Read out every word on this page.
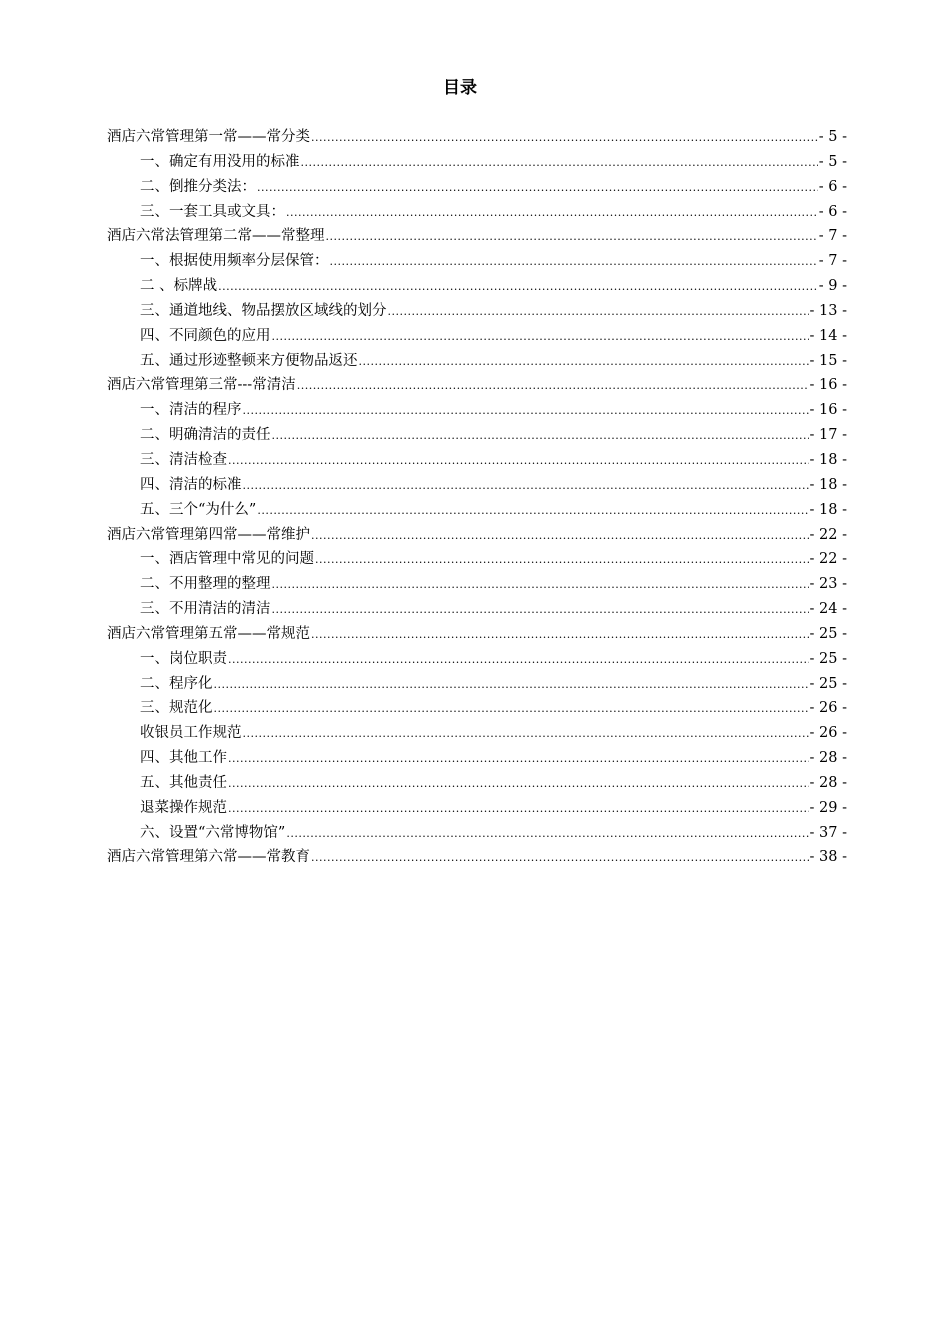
目录
酒店六常管理第一常——常分类 .....	- 5 -
一、确定有用没用的标准 .....	- 5 -
二、倒推分类法： .....	- 6 -
三、一套工具或文具： .....	- 6 -
酒店六常法管理第二常——常整理 .....	- 7 -
一、根据使用频率分层保管： .....	- 7 -
二 、标牌战 .....	- 9 -
三、通道地线、物品摆放区域线的划分 .....	- 13 -
四、不同颜色的应用 .....	- 14 -
五、通过形迹整顿来方便物品返还 .....	- 15 -
酒店六常管理第三常---常清洁 .....	- 16 -
一、清洁的程序 .....	- 16 -
二、明确清洁的责任 .....	- 17 -
三、清洁检查 .....	- 18 -
四、清洁的标准 .....	- 18 -
五、三个“为什么” .....	- 18 -
酒店六常管理第四常——常维护 .....	- 22 -
一、酒店管理中常见的问题 .....	- 22 -
二、不用整理的整理 .....	- 23 -
三、不用清洁的清洁 .....	- 24 -
酒店六常管理第五常——常规范 .....	- 25 -
一、岗位职责 .....	- 25 -
二、程序化 .....	- 25 -
三、规范化 .....	- 26 -
收银员工作规范 .....	- 26 -
四、其他工作 .....	- 28 -
五、其他责任 .....	- 28 -
退菜操作规范 .....	- 29 -
六、设置“六常博物馆” .....	- 37 -
酒店六常管理第六常——常教育 .....	- 38 -
